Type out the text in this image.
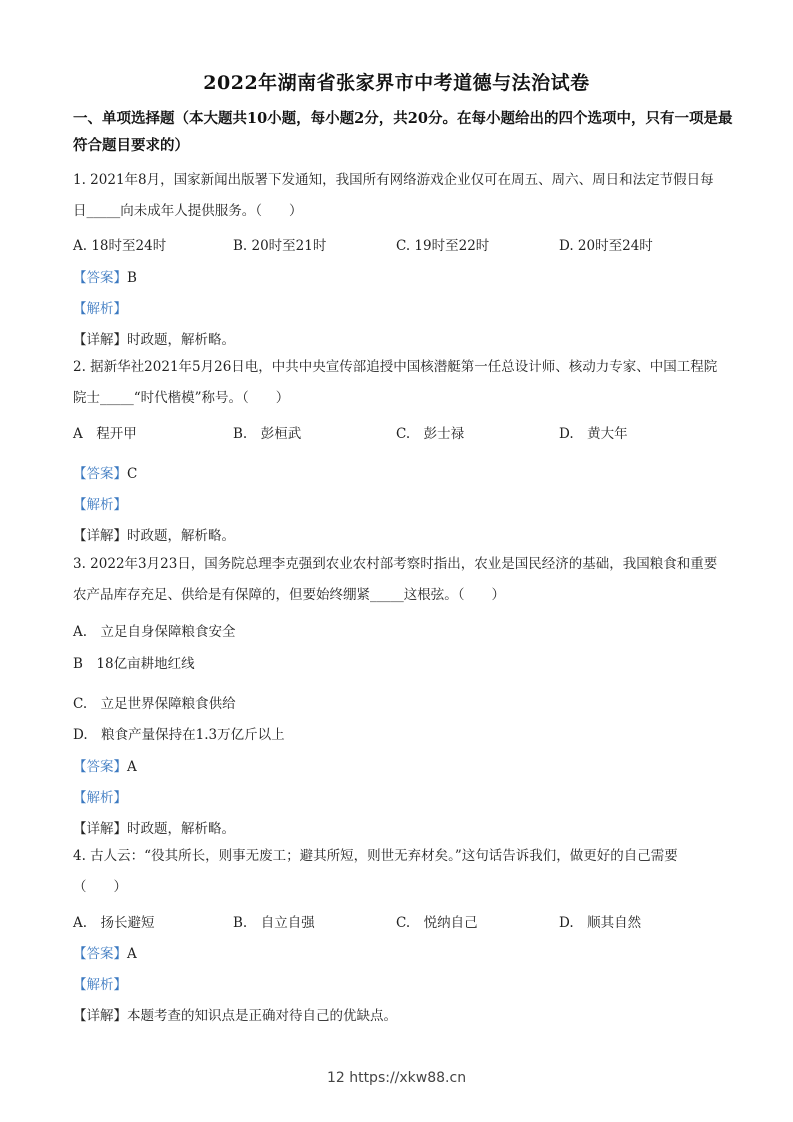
2022年湖南省张家界市中考道德与法治试卷
一、单项选择题（本大题共10小题，每小题2分，共20分。在每小题给出的四个选项中，只有一项是最符合题目要求的）
1. 2021年8月，国家新闻出版署下发通知，我国所有网络游戏企业仅可在周五、周六、周日和法定节假日每日_____向未成年人提供服务。（　　）
A. 18时至24时	B. 20时至21时	C. 19时至22时	D. 20时至24时
【答案】B
【解析】
【详解】时政题，解析略。
2. 据新华社2021年5月26日电，中共中央宣传部追授中国核潜艇第一任总设计师、核动力专家、中国工程院院士_____“时代楷模”称号。（　　）
A　程开甲	B.　彭桓武	C.　彭士禄	D.　黄大年
【答案】C
【解析】
【详解】时政题，解析略。
3. 2022年3月23日，国务院总理李克强到农业农村部考察时指出，农业是国民经济的基础，我国粮食和重要农产品库存充足、供给是有保障的，但要始终绷紧_____这根弦。（　　）
A.　立足自身保障粮食安全
B　18亿亩耕地红线
C.　立足世界保障粮食供给
D.　粮食产量保持在1.3万亿斤以上
【答案】A
【解析】
【详解】时政题，解析略。
4. 古人云：“役其所长，则事无废工；避其所短，则世无弃材矣。”这句话告诉我们，做更好的自己需要（　　）
A.　扬长避短	B.　自立自强	C.　悦纳自己	D.　顺其自然
【答案】A
【解析】
【详解】本题考查的知识点是正确对待自己的优缺点。
12 https://xkw88.cn
